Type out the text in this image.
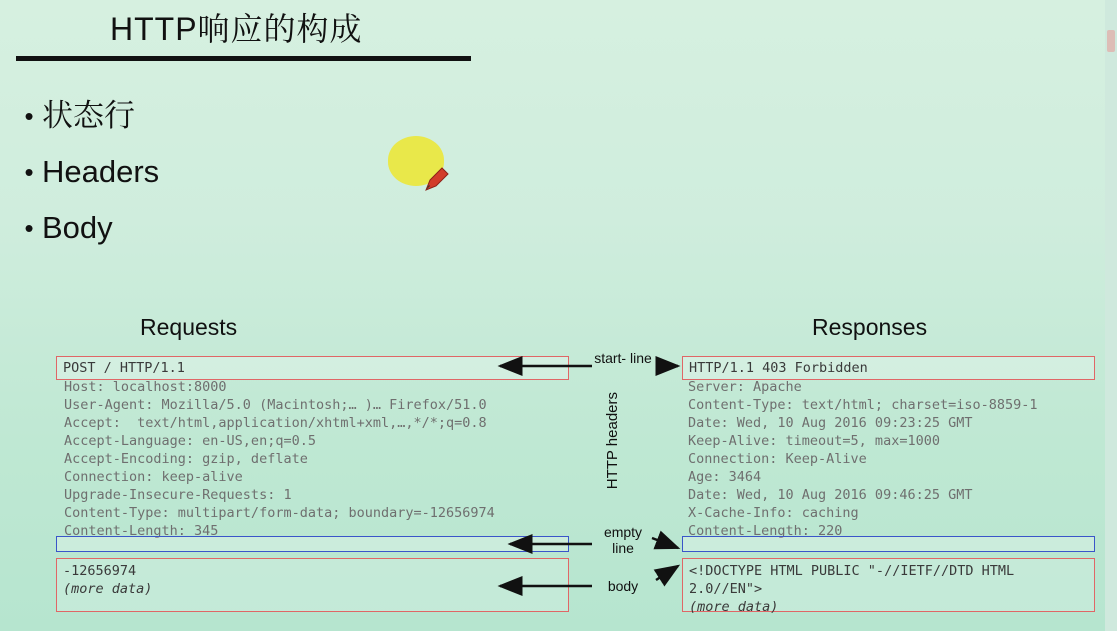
HTTP响应的构成
• 状态行
• Headers
• Body
Requests	Responses
POST / HTTP/1.1
Host: localhost:8000
User-Agent: Mozilla/5.0 (Macintosh;… )… Firefox/51.0
Accept:  text/html,application/xhtml+xml,…,*/*;q=0.8
Accept-Language: en-US,en;q=0.5
Accept-Encoding: gzip, deflate
Connection: keep-alive
Upgrade-Insecure-Requests: 1
Content-Type: multipart/form-data; boundary=-12656974
Content-Length: 345
-12656974
(more data)
HTTP/1.1 403 Forbidden
Server: Apache
Content-Type: text/html; charset=iso-8859-1
Date: Wed, 10 Aug 2016 09:23:25 GMT
Keep-Alive: timeout=5, max=1000
Connection: Keep-Alive
Age: 3464
Date: Wed, 10 Aug 2016 09:46:25 GMT
X-Cache-Info: caching
Content-Length: 220
<!DOCTYPE HTML PUBLIC "-//IETF//DTD HTML
2.0//EN">
(more data)
start- line
empty line
body
HTTP headers
